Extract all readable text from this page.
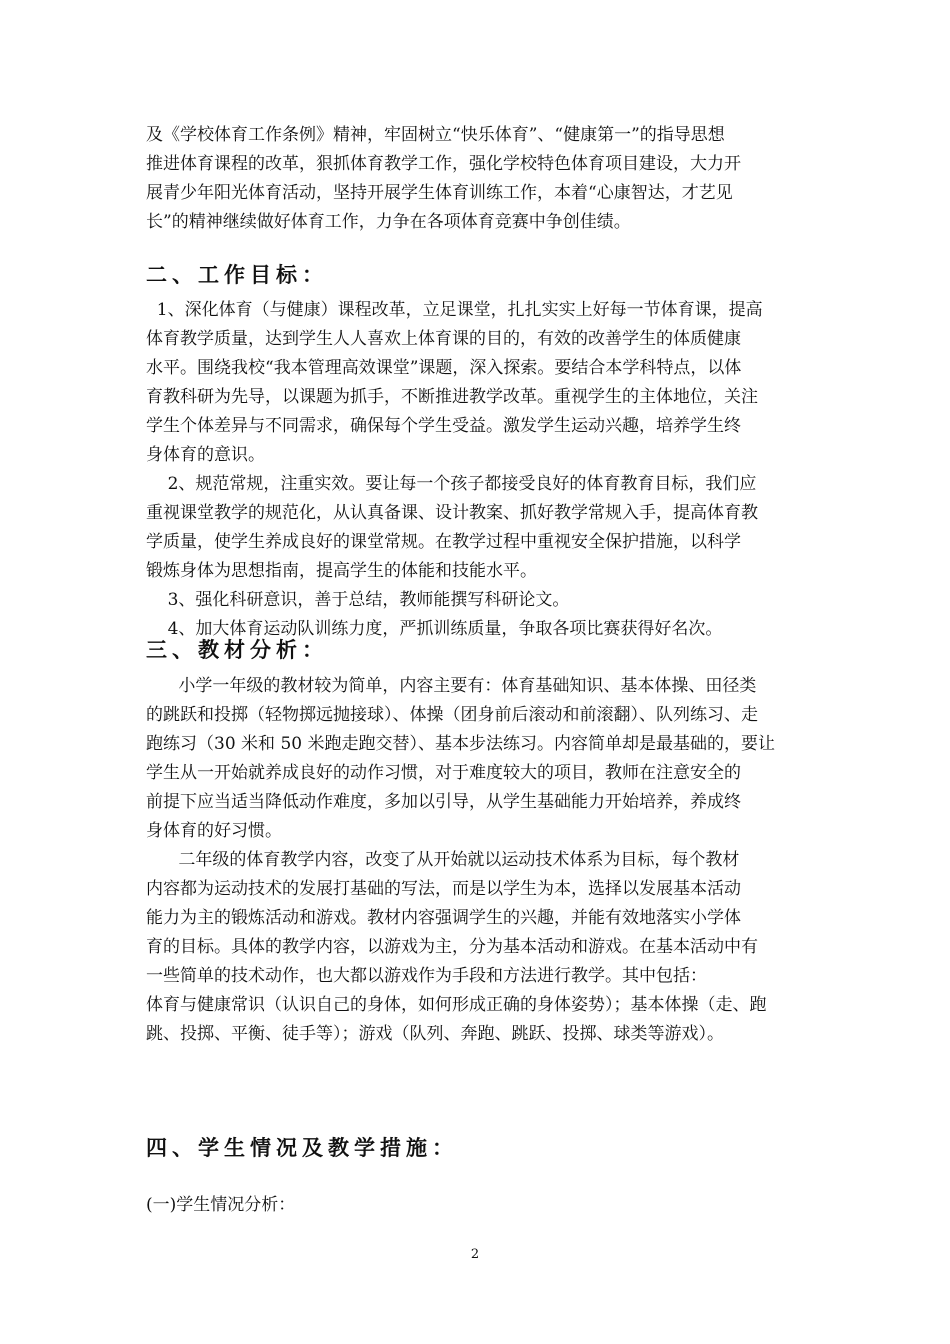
及《学校体育工作条例》精神，牢固树立“快乐体育”、“健康第一”的指导思想

推进体育课程的改革，狠抓体育教学工作，强化学校特色体育项目建设，大力开

展青少年阳光体育活动，坚持开展学生体育训练工作，本着“心康智达，才艺见

长”的精神继续做好体育工作，力争在各项体育竞赛中争创佳绩。

二、工作目标：

1、深化体育（与健康）课程改革，立足课堂，扎扎实实上好每一节体育课，提高

体育教学质量，达到学生人人喜欢上体育课的目的，有效的改善学生的体质健康

水平。围绕我校“我本管理高效课堂”课题，深入探索。要结合本学科特点，以体

育教科研为先导，以课题为抓手，不断推进教学改革。重视学生的主体地位，关注

学生个体差异与不同需求，确保每个学生受益。激发学生运动兴趣，培养学生终

身体育的意识。

2、规范常规，注重实效。要让每一个孩子都接受良好的体育教育目标，我们应

重视课堂教学的规范化，从认真备课、设计教案、抓好教学常规入手，提高体育教

学质量，使学生养成良好的课堂常规。在教学过程中重视安全保护措施，以科学

锻炼身体为思想指南，提高学生的体能和技能水平。

3、强化科研意识，善于总结，教师能撰写科研论文。

4、加大体育运动队训练力度，严抓训练质量，争取各项比赛获得好名次。

三、教材分析：

小学一年级的教材较为简单，内容主要有：体育基础知识、基本体操、田径类

的跳跃和投掷（轻物掷远抛接球）、体操（团身前后滚动和前滚翻）、队列练习、走

跑练习（30 米和 50 米跑走跑交替）、基本步法练习。内容简单却是最基础的，要让

学生从一开始就养成良好的动作习惯，对于难度较大的项目，教师在注意安全的

前提下应当适当降低动作难度，多加以引导，从学生基础能力开始培养，养成终

身体育的好习惯。

二年级的体育教学内容，改变了从开始就以运动技术体系为目标，每个教材

内容都为运动技术的发展打基础的写法，而是以学生为本，选择以发展基本活动

能力为主的锻炼活动和游戏。教材内容强调学生的兴趣，并能有效地落实小学体

育的目标。具体的教学内容，以游戏为主，分为基本活动和游戏。在基本活动中有

一些简单的技术动作，也大都以游戏作为手段和方法进行教学。其中包括：

体育与健康常识（认识自己的身体，如何形成正确的身体姿势）；基本体操（走、跑

跳、投掷、平衡、徒手等）；游戏（队列、奔跑、跳跃、投掷、球类等游戏）。

四、学生情况及教学措施：

(一)学生情况分析：

2
